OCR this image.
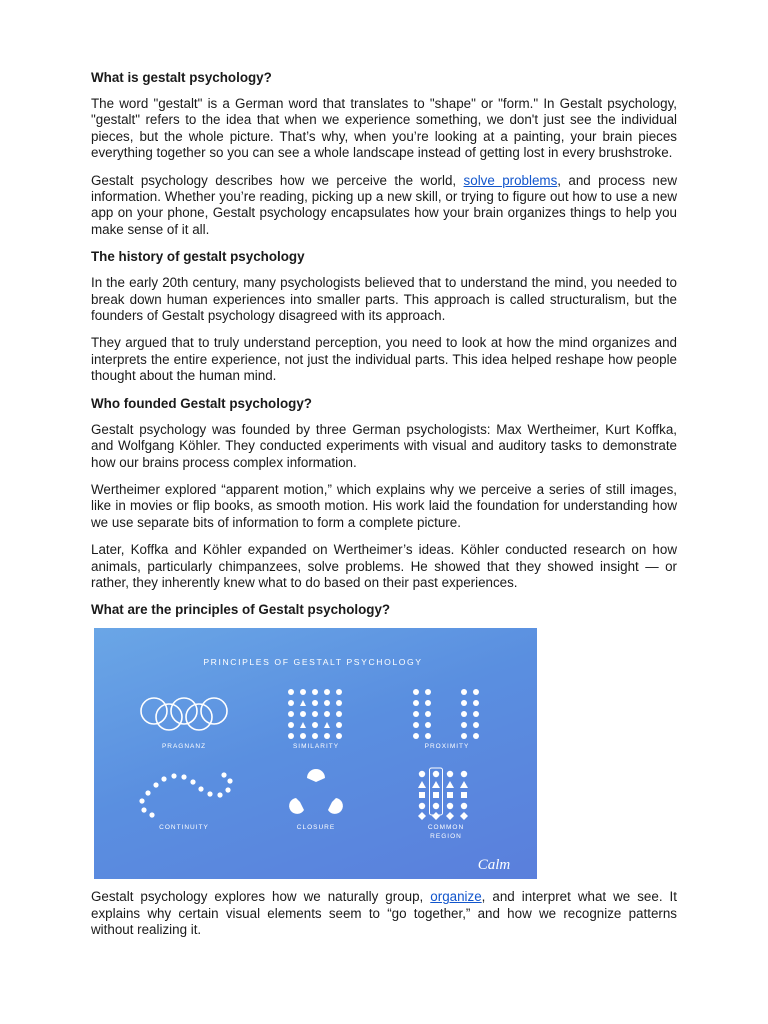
What is gestalt psychology?

The word "gestalt" is a German word that translates to "shape" or "form." In Gestalt psychology, "gestalt" refers to the idea that when we experience something, we don't just see the individual pieces, but the whole picture. That’s why, when you’re looking at a painting, your brain pieces everything together so you can see a whole landscape instead of getting lost in every brushstroke.

Gestalt psychology describes how we perceive the world, solve problems, and process new information. Whether you’re reading, picking up a new skill, or trying to figure out how to use a new app on your phone, Gestalt psychology encapsulates how your brain organizes things to help you make sense of it all.

The history of gestalt psychology

In the early 20th century, many psychologists believed that to understand the mind, you needed to break down human experiences into smaller parts. This approach is called structuralism, but the founders of Gestalt psychology disagreed with its approach.

They argued that to truly understand perception, you need to look at how the mind organizes and interprets the entire experience, not just the individual parts. This idea helped reshape how people thought about the human mind.

Who founded Gestalt psychology?

Gestalt psychology was founded by three German psychologists: Max Wertheimer, Kurt Koffka, and Wolfgang Köhler. They conducted experiments with visual and auditory tasks to demonstrate how our brains process complex information.

Wertheimer explored “apparent motion,” which explains why we perceive a series of still images, like in movies or flip books, as smooth motion. His work laid the foundation for understanding how we use separate bits of information to form a complete picture.

Later, Koffka and Köhler expanded on Wertheimer’s ideas. Köhler conducted research on how animals, particularly chimpanzees, solve problems. He showed that they showed insight — or rather, they inherently knew what to do based on their past experiences.

What are the principles of Gestalt psychology?
PRINCIPLES OF GESTALT PSYCHOLOGY
PRAGNANZ	SIMILARITY	PROXIMITY
CONTINUITY	CLOSURE	COMMON
REGION
Calm

Gestalt psychology explores how we naturally group, organize, and interpret what we see. It explains why certain visual elements seem to “go together,” and how we recognize patterns without realizing it.
